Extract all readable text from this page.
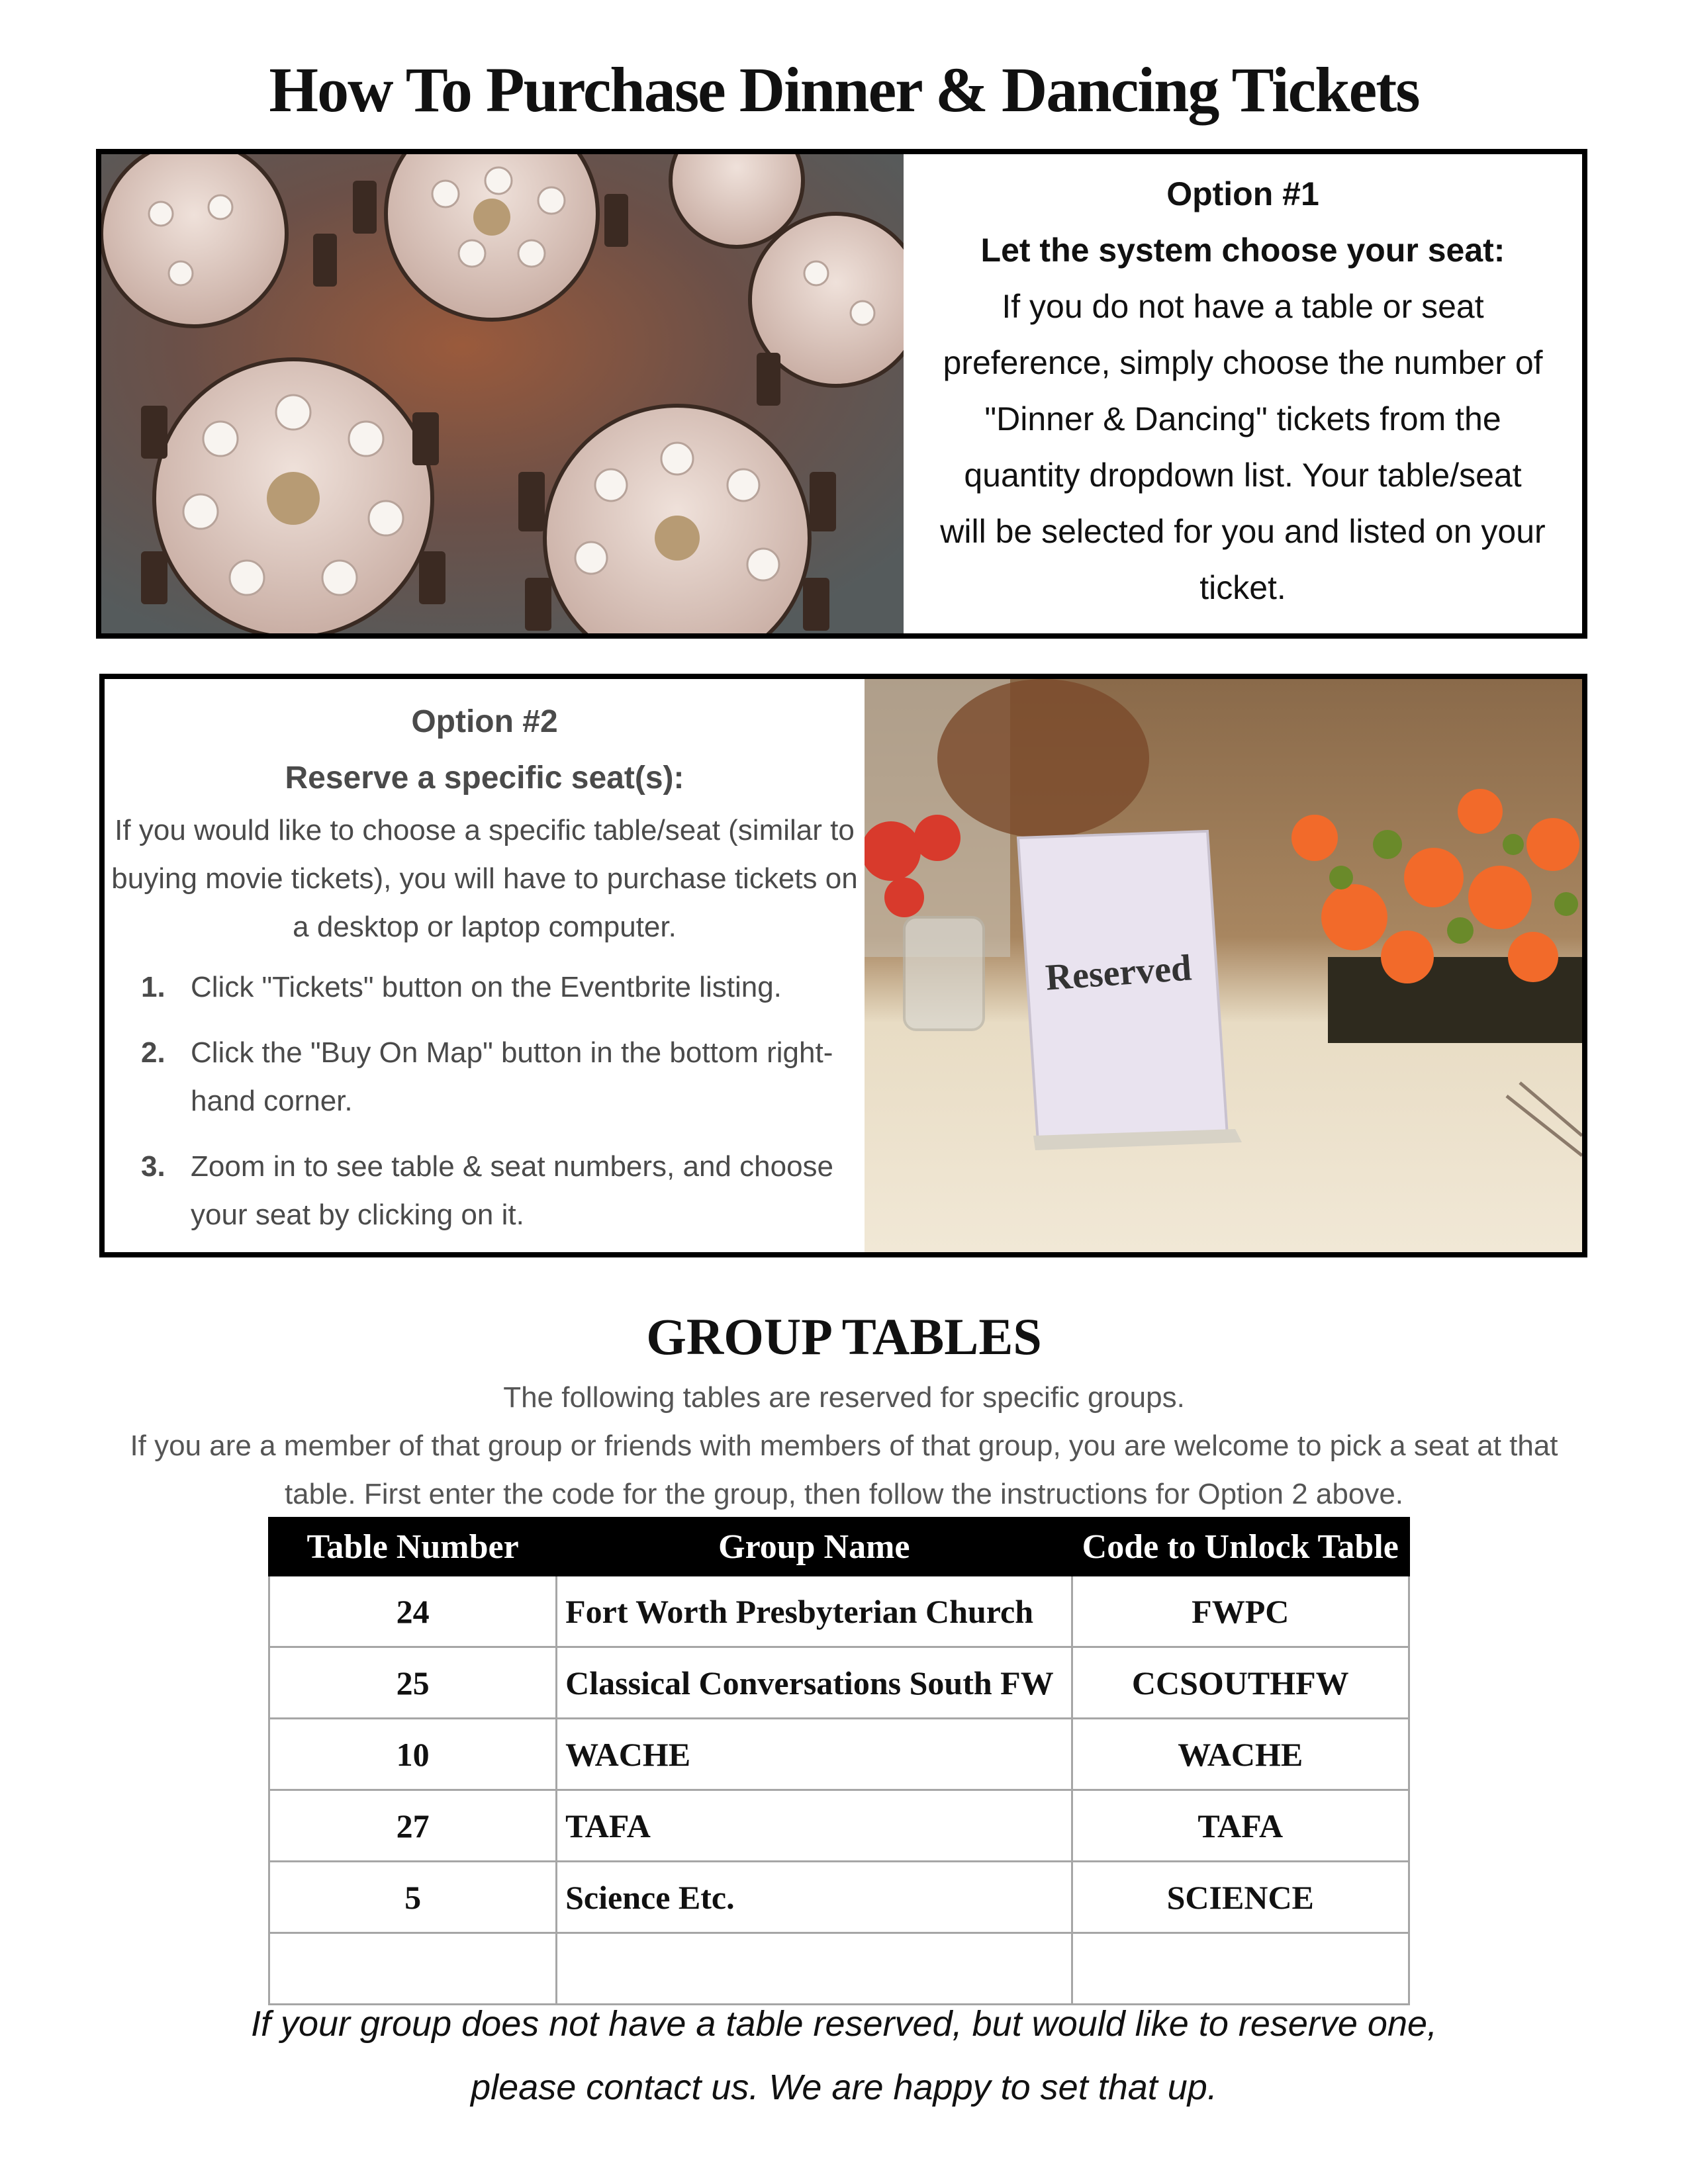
How To Purchase Dinner & Dancing Tickets
Option #1
Let the system choose your seat:
If you do not have a table or seat preference, simply choose the number of "Dinner & Dancing" tickets from the quantity dropdown list. Your table/seat will be selected for you and listed on your ticket.
Option #2
Reserve a specific seat(s):
If you would like to choose a specific table/seat (similar to buying movie tickets), you will have to purchase tickets on a desktop or laptop computer.
1. Click "Tickets" button on the Eventbrite listing.
2. Click the "Buy On Map" button in the bottom right-hand corner.
3. Zoom in to see table & seat numbers, and choose your seat by clicking on it.
Reserved
GROUP TABLES
The following tables are reserved for specific groups.
If you are a member of that group or friends with members of that group, you are welcome to pick a seat at that table. First enter the code for the group, then follow the instructions for Option 2 above.
Table Number	Group Name	Code to Unlock Table
24	Fort Worth Presbyterian Church	FWPC
25	Classical Conversations South FW	CCSOUTHFW
10	WACHE	WACHE
27	TAFA	TAFA
5	Science Etc.	SCIENCE

If your group does not have a table reserved, but would like to reserve one,
please contact us. We are happy to set that up.
